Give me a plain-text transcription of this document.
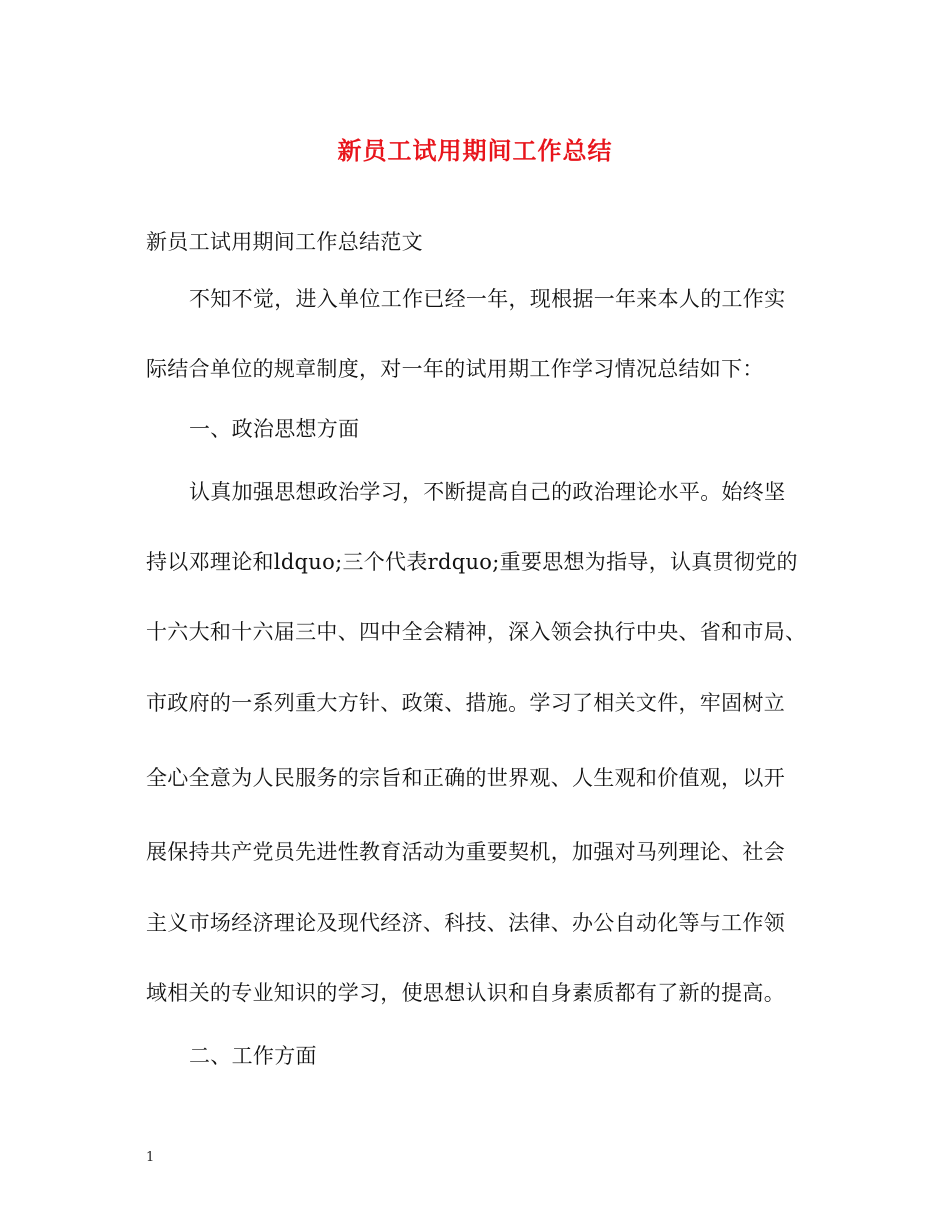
新员工试用期间工作总结
新员工试用期间工作总结范文
不知不觉，进入单位工作已经一年，现根据一年来本人的工作实
际结合单位的规章制度，对一年的试用期工作学习情况总结如下：
一、政治思想方面
认真加强思想政治学习，不断提高自己的政治理论水平。始终坚
持以邓理论和ldquo;三个代表rdquo;重要思想为指导，认真贯彻党的
十六大和十六届三中、四中全会精神，深入领会执行中央、省和市局、
市政府的一系列重大方针、政策、措施。学习了相关文件，牢固树立
全心全意为人民服务的宗旨和正确的世界观、人生观和价值观，以开
展保持共产党员先进性教育活动为重要契机，加强对马列理论、社会
主义市场经济理论及现代经济、科技、法律、办公自动化等与工作领
域相关的专业知识的学习，使思想认识和自身素质都有了新的提高。
二、工作方面
1
